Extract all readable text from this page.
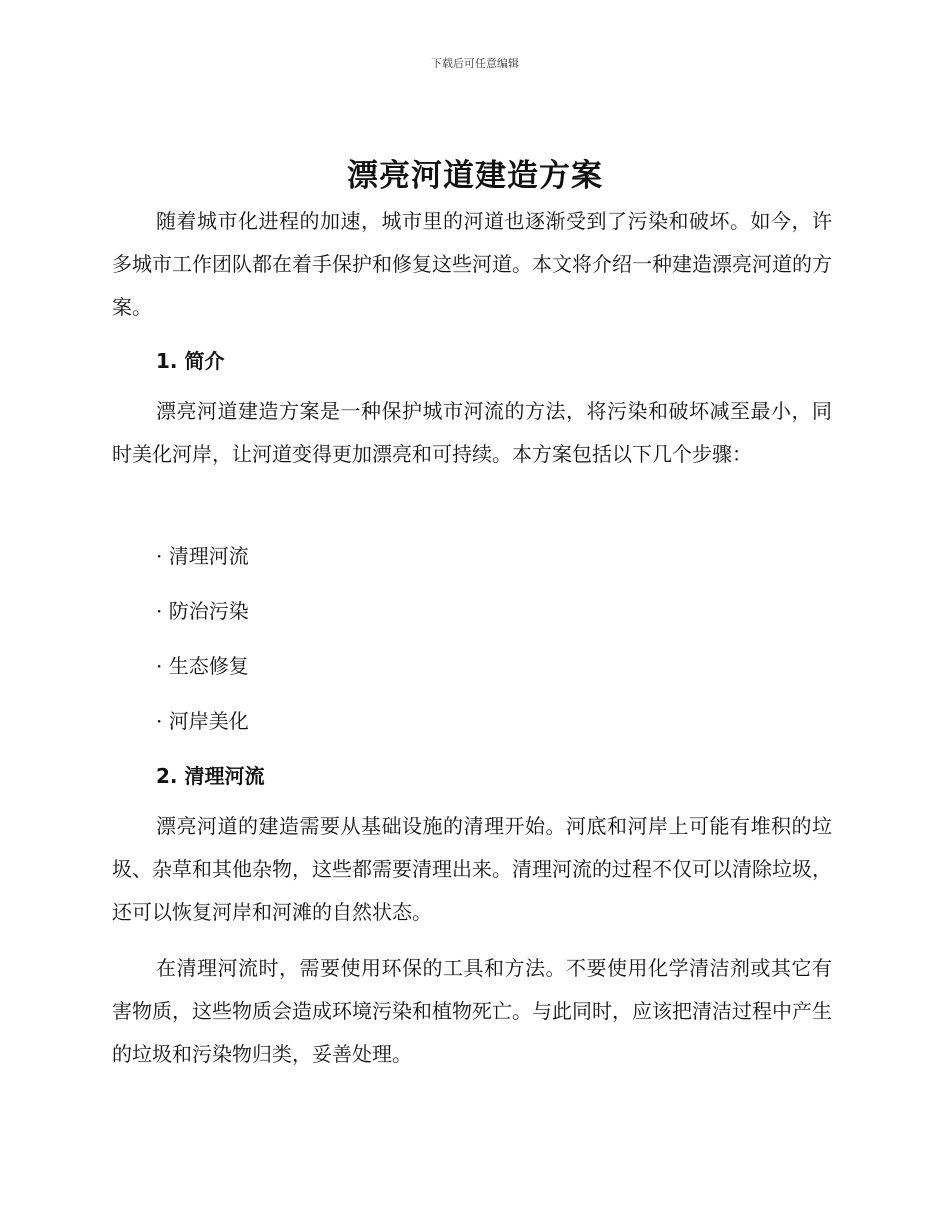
下载后可任意编辑
漂亮河道建造方案

随着城市化进程的加速，城市里的河道也逐渐受到了污染和破坏。如今，许多城市工作团队都在着手保护和修复这些河道。本文将介绍一种建造漂亮河道的方案。

1. 简介

漂亮河道建造方案是一种保护城市河流的方法，将污染和破坏减至最小，同时美化河岸，让河道变得更加漂亮和可持续。本方案包括以下几个步骤：

· 清理河流

· 防治污染

· 生态修复

· 河岸美化

2. 清理河流

漂亮河道的建造需要从基础设施的清理开始。河底和河岸上可能有堆积的垃圾、杂草和其他杂物，这些都需要清理出来。清理河流的过程不仅可以清除垃圾，还可以恢复河岸和河滩的自然状态。

在清理河流时，需要使用环保的工具和方法。不要使用化学清洁剂或其它有害物质，这些物质会造成环境污染和植物死亡。与此同时，应该把清洁过程中产生的垃圾和污染物归类，妥善处理。
